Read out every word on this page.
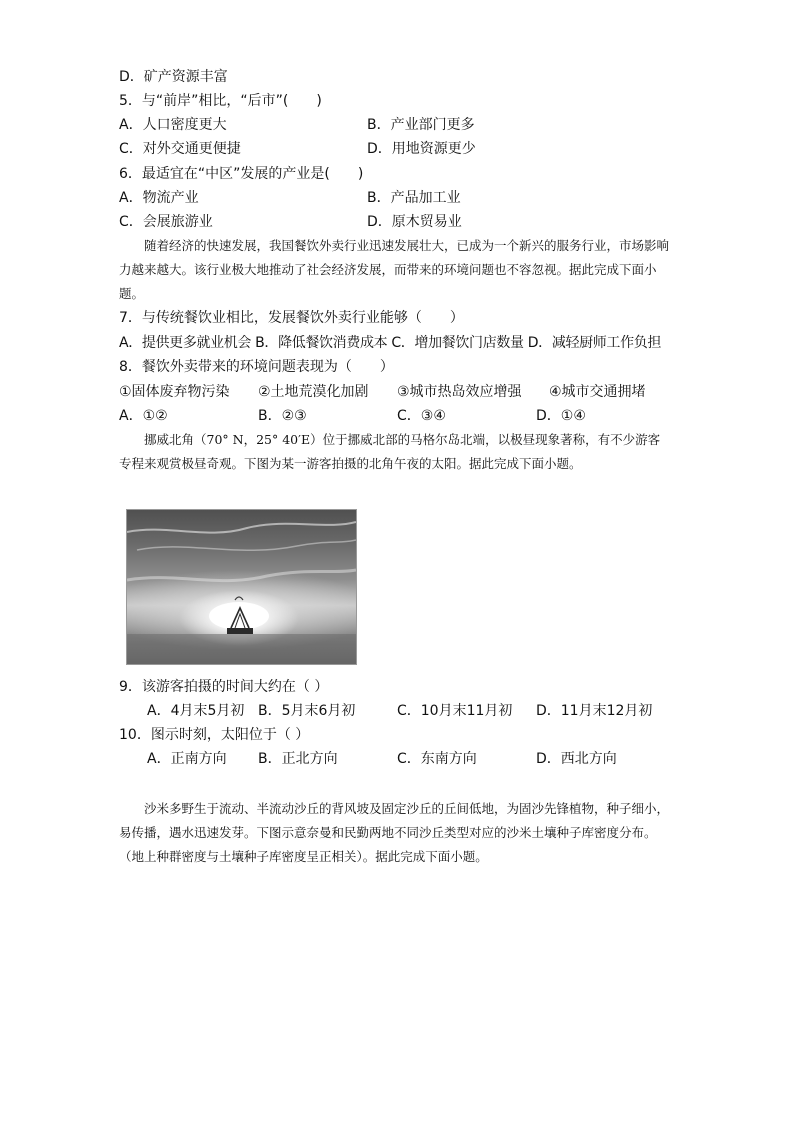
D．矿产资源丰富
5．与“前岸”相比，“后市”(　　)
A．人口密度更大	B．产业部门更多
C．对外交通更便捷	D．用地资源更少
6．最适宜在“中区”发展的产业是(　　)
A．物流产业	B．产品加工业
C．会展旅游业	D．原木贸易业

随着经济的快速发展，我国餐饮外卖行业迅速发展壮大，已成为一个新兴的服务行业，市场影响力越来越大。该行业极大地推动了社会经济发展，而带来的环境问题也不容忽视。据此完成下面小题。

7．与传统餐饮业相比，发展餐饮外卖行业能够（　　）
A．提供更多就业机会 B．降低餐饮消费成本 C．增加餐饮门店数量 D．减轻厨师工作负担
8．餐饮外卖带来的环境问题表现为（　　）
①固体废弃物污染 ②土地荒漠化加剧 ③城市热岛效应增强 ④城市交通拥堵
A．①②	B．②③	C．③④	D．①④

挪威北角（70° N，25° 40′E）位于挪威北部的马格尔岛北端，以极昼现象著称，有不少游客专程来观赏极昼奇观。下图为某一游客拍摄的北角午夜的太阳。据此完成下面小题。

9．该游客拍摄的时间大约在（ ）
A．4月末5月初 B．5月末6月初	C．10月末11月初 D．11月末12月初
10．图示时刻，太阳位于（ ）
A．正南方向 B．正北方向	C．东南方向	D．西北方向

沙米多野生于流动、半流动沙丘的背风坡及固定沙丘的丘间低地，为固沙先锋植物，种子细小，易传播，遇水迅速发芽。下图示意奈曼和民勤两地不同沙丘类型对应的沙米土壤种子库密度分布。（地上种群密度与土壤种子库密度呈正相关）。据此完成下面小题。
